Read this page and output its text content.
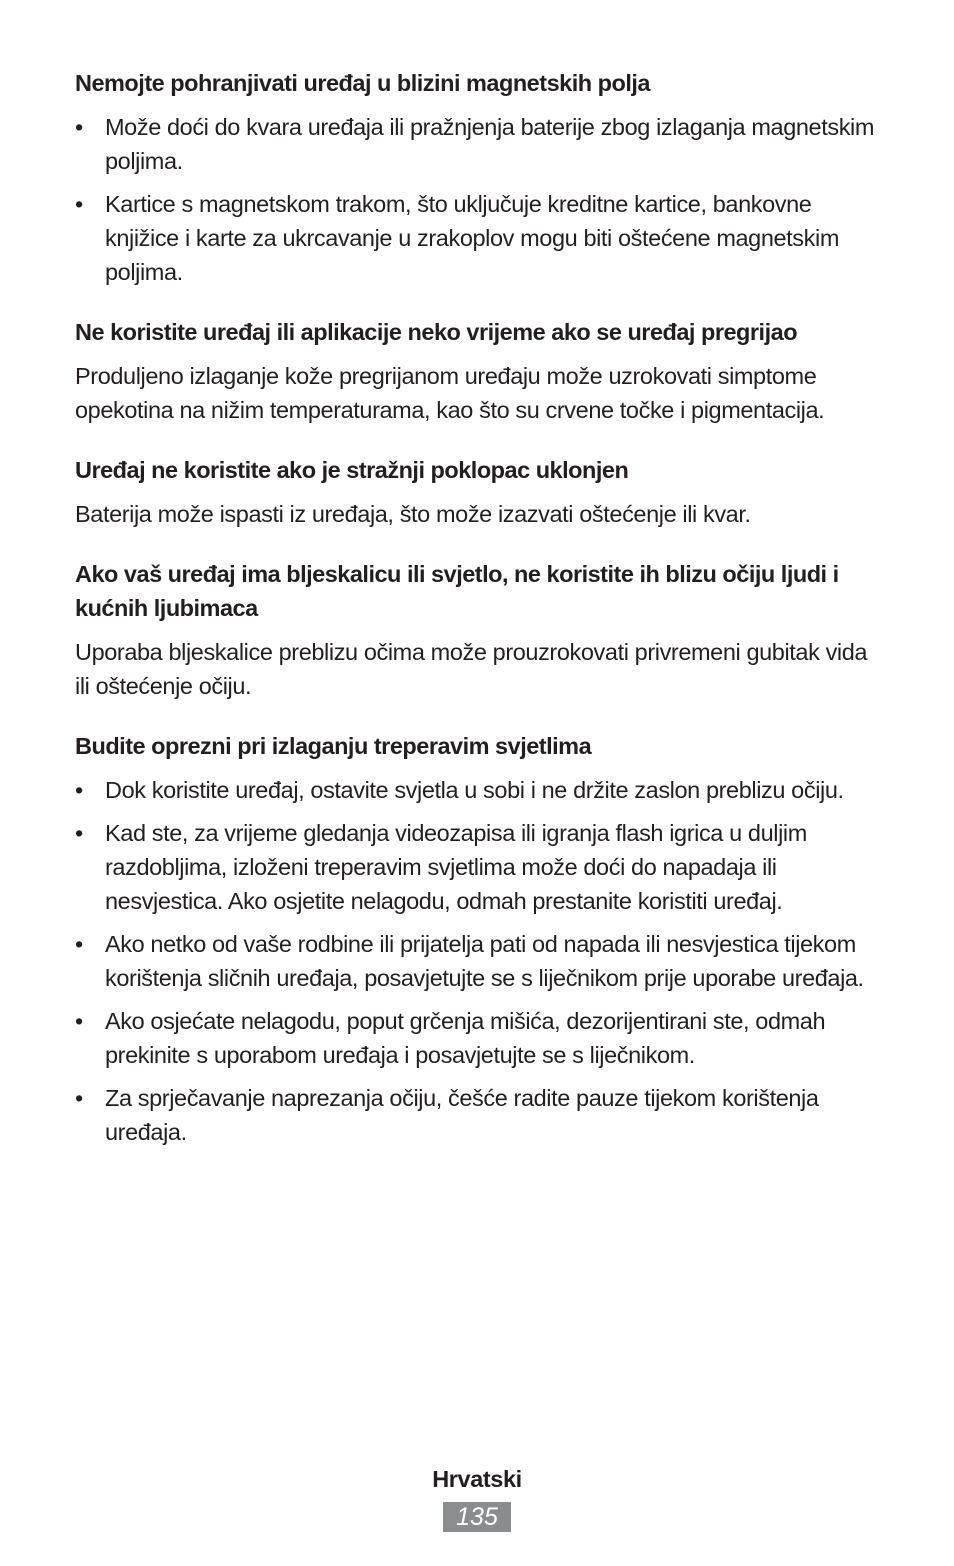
Nemojte pohranjivati uređaj u blizini magnetskih polja

• Može doći do kvara uređaja ili pražnjenja baterije zbog izlaganja magnetskim poljima.
• Kartice s magnetskom trakom, što uključuje kreditne kartice, bankovne knjižice i karte za ukrcavanje u zrakoplov mogu biti oštećene magnetskim poljima.

Ne koristite uređaj ili aplikacije neko vrijeme ako se uređaj pregrijao

Produljeno izlaganje kože pregrijanom uređaju može uzrokovati simptome opekotina na nižim temperaturama, kao što su crvene točke i pigmentacija.

Uređaj ne koristite ako je stražnji poklopac uklonjen

Baterija može ispasti iz uređaja, što može izazvati oštećenje ili kvar.

Ako vaš uređaj ima bljeskalicu ili svjetlo, ne koristite ih blizu očiju ljudi i kućnih ljubimaca

Uporaba bljeskalice preblizu očima može prouzrokovati privremeni gubitak vida ili oštećenje očiju.

Budite oprezni pri izlaganju treperavim svjetlima

• Dok koristite uređaj, ostavite svjetla u sobi i ne držite zaslon preblizu očiju.
• Kad ste, za vrijeme gledanja videozapisa ili igranja flash igrica u duljim razdobljima, izloženi treperavim svjetlima može doći do napadaja ili nesvjestica. Ako osjetite nelagodu, odmah prestanite koristiti uređaj.
• Ako netko od vaše rodbine ili prijatelja pati od napada ili nesvjestica tijekom korištenja sličnih uređaja, posavjetujte se s liječnikom prije uporabe uređaja.
• Ako osjećate nelagodu, poput grčenja mišića, dezorijentirani ste, odmah prekinite s uporabom uređaja i posavjetujte se s liječnikom.
• Za sprječavanje naprezanja očiju, češće radite pauze tijekom korištenja uređaja.
Hrvatski
135
